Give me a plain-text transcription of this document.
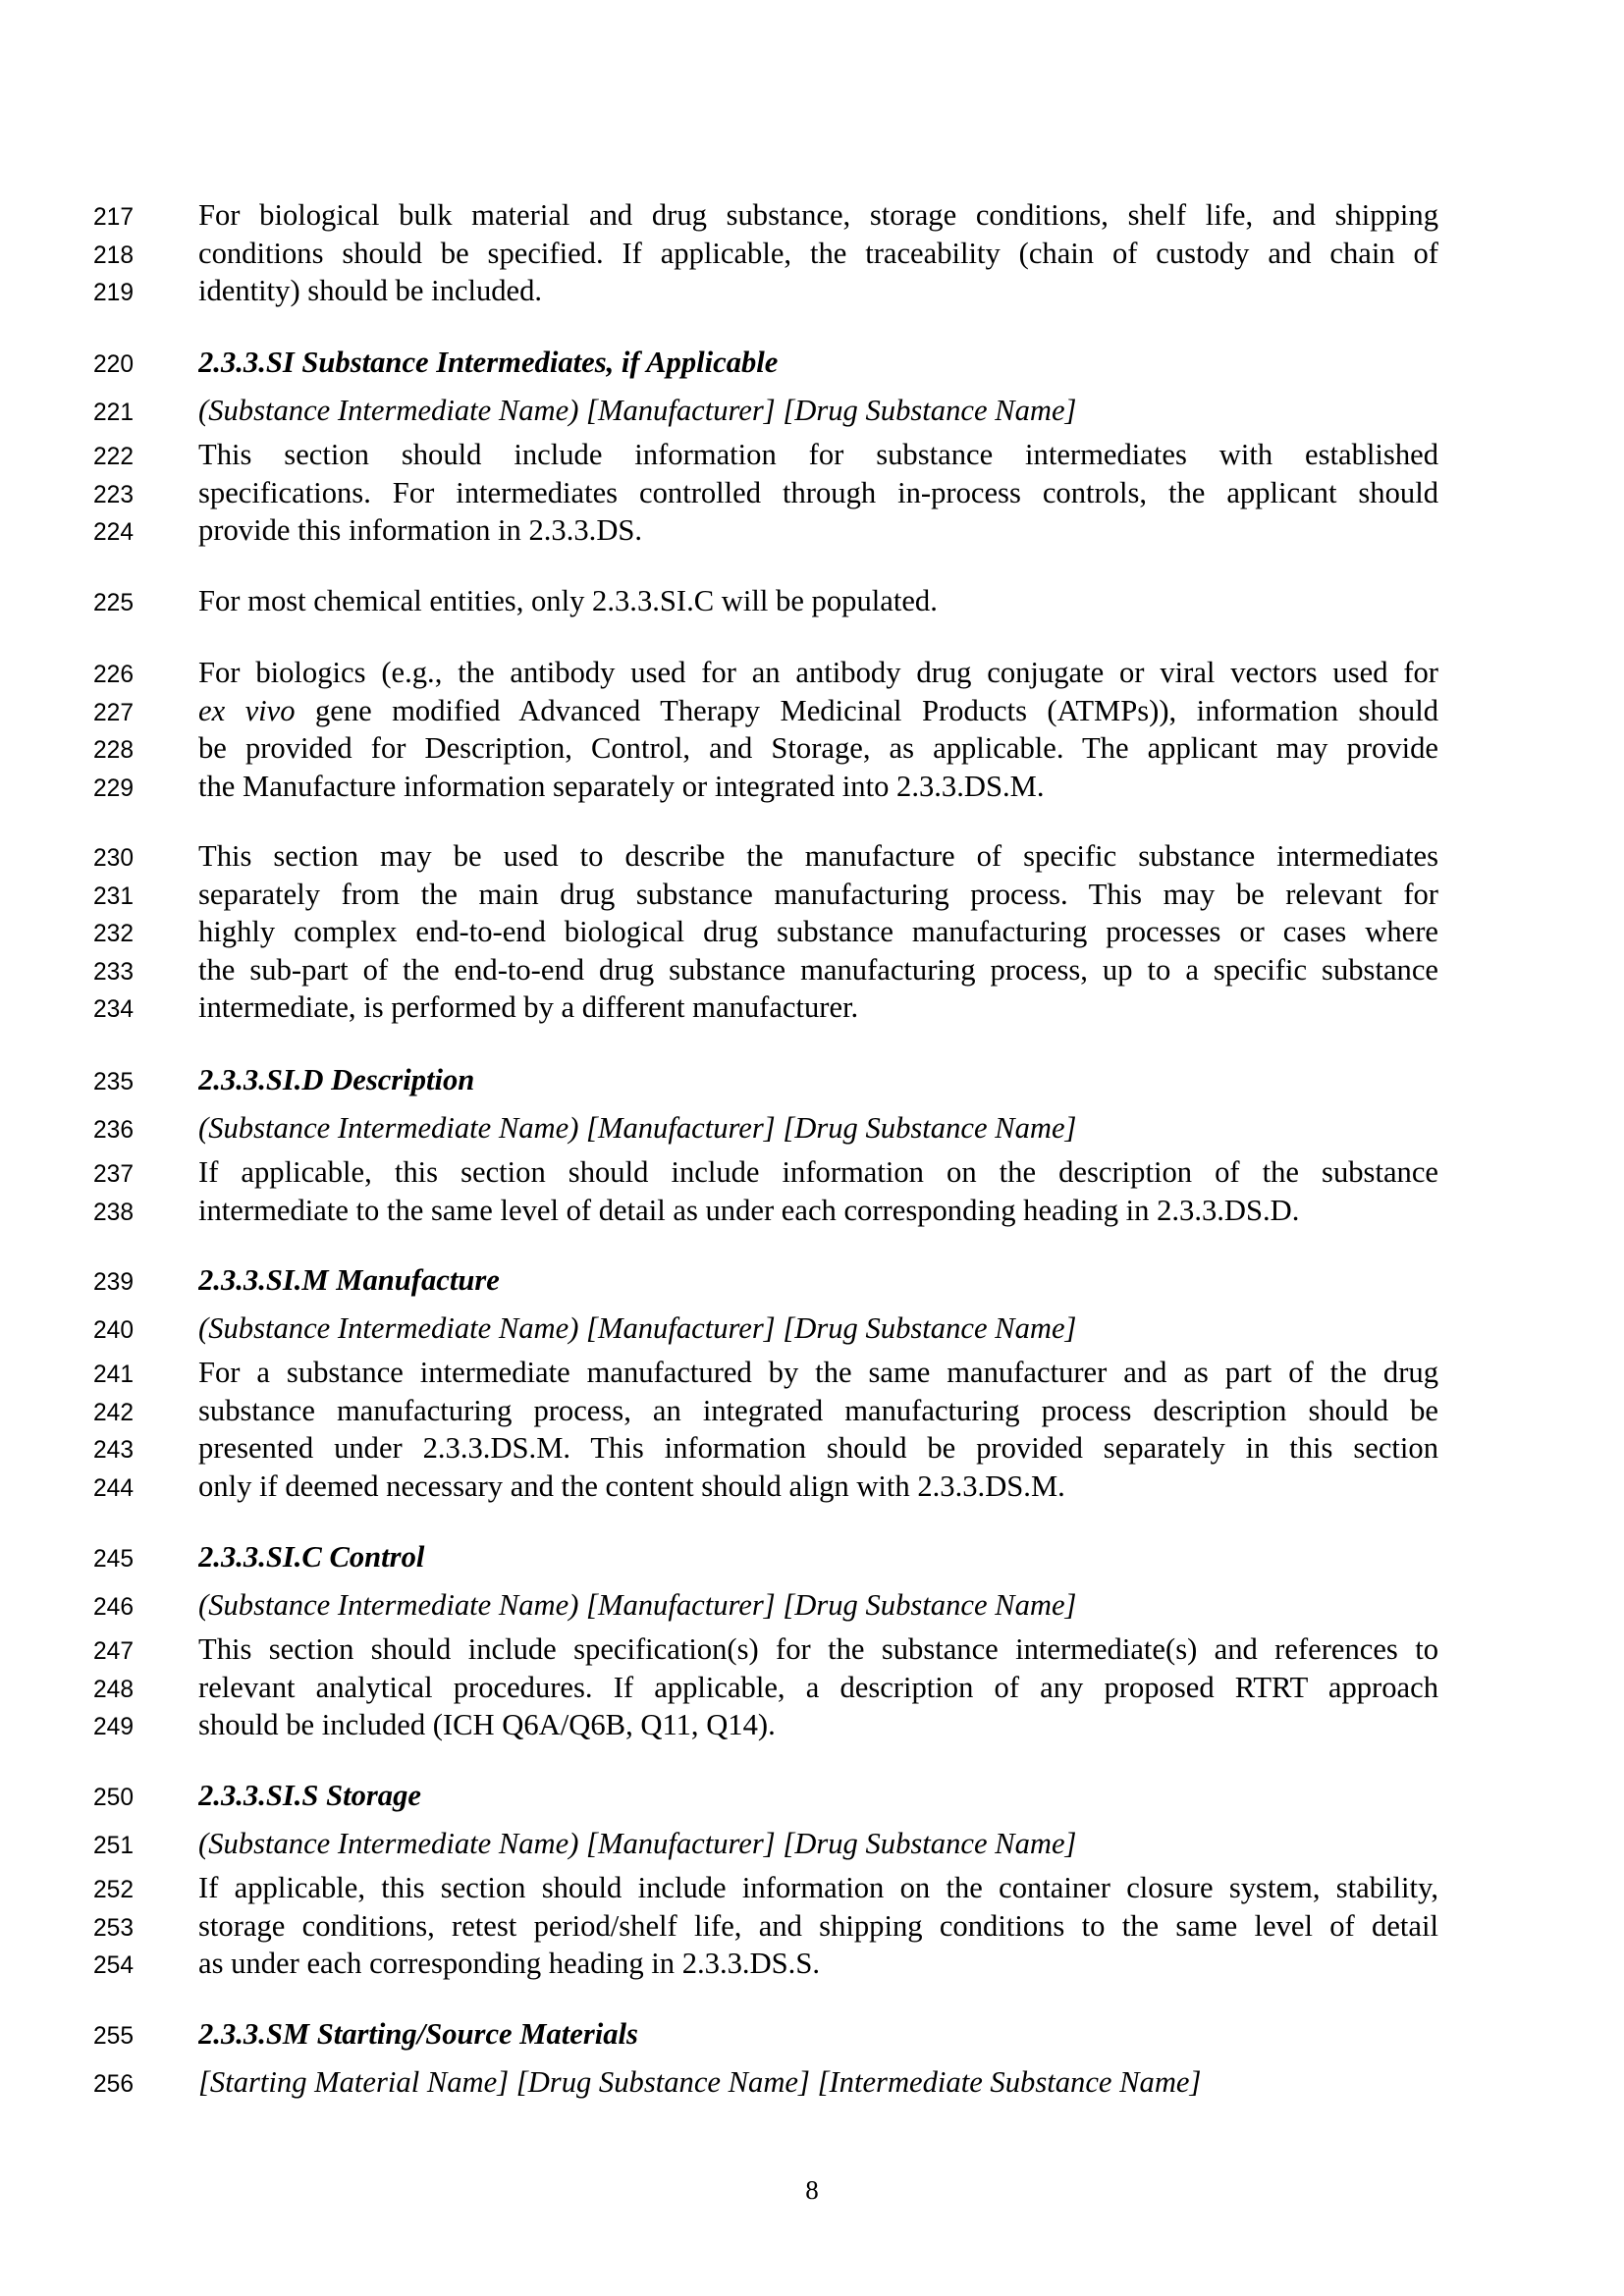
217	For biological bulk material and drug substance, storage conditions, shelf life, and shipping
218	conditions should be specified. If applicable, the traceability (chain of custody and chain of
219	identity) should be included.
220	2.3.3.SI Substance Intermediates, if Applicable
221	(Substance Intermediate Name) [Manufacturer] [Drug Substance Name]
222	This section should include information for substance intermediates with established
223	specifications. For intermediates controlled through in-process controls, the applicant should
224	provide this information in 2.3.3.DS.
225	For most chemical entities, only 2.3.3.SI.C will be populated.
226	For biologics (e.g., the antibody used for an antibody drug conjugate or viral vectors used for
227	ex vivo gene modified Advanced Therapy Medicinal Products (ATMPs)), information should
228	be provided for Description, Control, and Storage, as applicable. The applicant may provide
229	the Manufacture information separately or integrated into 2.3.3.DS.M.
230	This section may be used to describe the manufacture of specific substance intermediates
231	separately from the main drug substance manufacturing process. This may be relevant for
232	highly complex end-to-end biological drug substance manufacturing processes or cases where
233	the sub-part of the end-to-end drug substance manufacturing process, up to a specific substance
234	intermediate, is performed by a different manufacturer.
235	2.3.3.SI.D Description
236	(Substance Intermediate Name) [Manufacturer] [Drug Substance Name]
237	If applicable, this section should include information on the description of the substance
238	intermediate to the same level of detail as under each corresponding heading in 2.3.3.DS.D.
239	2.3.3.SI.M Manufacture
240	(Substance Intermediate Name) [Manufacturer] [Drug Substance Name]
241	For a substance intermediate manufactured by the same manufacturer and as part of the drug
242	substance manufacturing process, an integrated manufacturing process description should be
243	presented under 2.3.3.DS.M. This information should be provided separately in this section
244	only if deemed necessary and the content should align with 2.3.3.DS.M.
245	2.3.3.SI.C Control
246	(Substance Intermediate Name) [Manufacturer] [Drug Substance Name]
247	This section should include specification(s) for the substance intermediate(s) and references to
248	relevant analytical procedures. If applicable, a description of any proposed RTRT approach
249	should be included (ICH Q6A/Q6B, Q11, Q14).
250	2.3.3.SI.S Storage
251	(Substance Intermediate Name) [Manufacturer] [Drug Substance Name]
252	If applicable, this section should include information on the container closure system, stability,
253	storage conditions, retest period/shelf life, and shipping conditions to the same level of detail
254	as under each corresponding heading in 2.3.3.DS.S.
255	2.3.3.SM Starting/Source Materials
256	[Starting Material Name] [Drug Substance Name] [Intermediate Substance Name]
8
